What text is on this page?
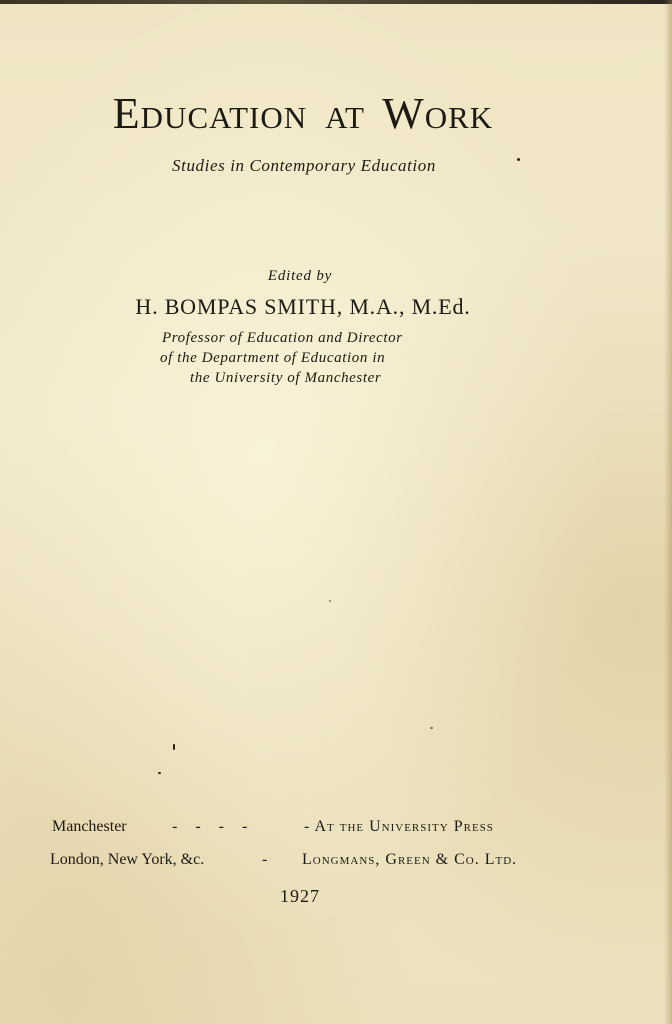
Education at Work
Studies in Contemporary Education
Edited by
H. BOMPAS SMITH, M.A., M.Ed.
Professor of Education and Director
of the Department of Education in
the University of Manchester
Manchester	- - - -	- At the University Press
London, New York, &c.	- Longmans, Green & Co. Ltd.
1927
